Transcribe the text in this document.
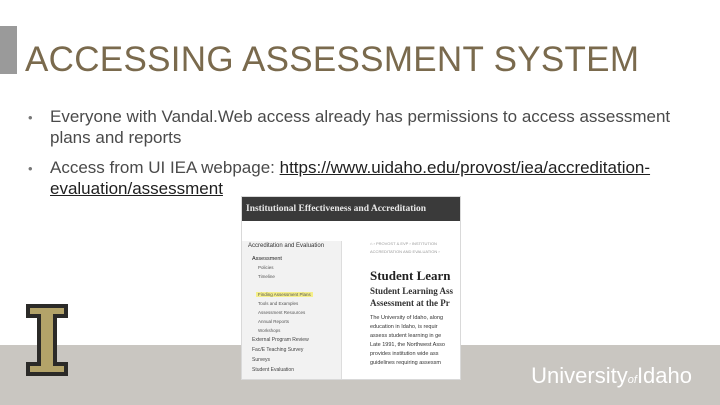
ACCESSING ASSESSMENT SYSTEM
•	Everyone with Vandal.Web access already has permissions to access assessment plans and reports
•	Access from UI IEA webpage: https://www.uidaho.edu/provost/iea/accreditation-evaluation/assessment
UniversityofIdaho
Institutional Effectiveness and Accreditation
Accreditation and Evaluation
Assessment
Policies
Timeline
Finding Assessment Plans
Tools and Examples
Assessment Resources
Annual Reports
Workshops
External Program Review
Fac/E Teaching Survey
Surveys
Student Evaluation
⌂ › PROVOST & EVP › INSTITUTION
ACCREDITATION AND EVALUATION ›
Student Learn
Student Learning Ass
Assessment at the Pr
The University of Idaho, along
education in Idaho, is requir
assess student learning in ge
Late 1991, the Northwest Asso
provides institution wide ass
guidelines requiring assessm
